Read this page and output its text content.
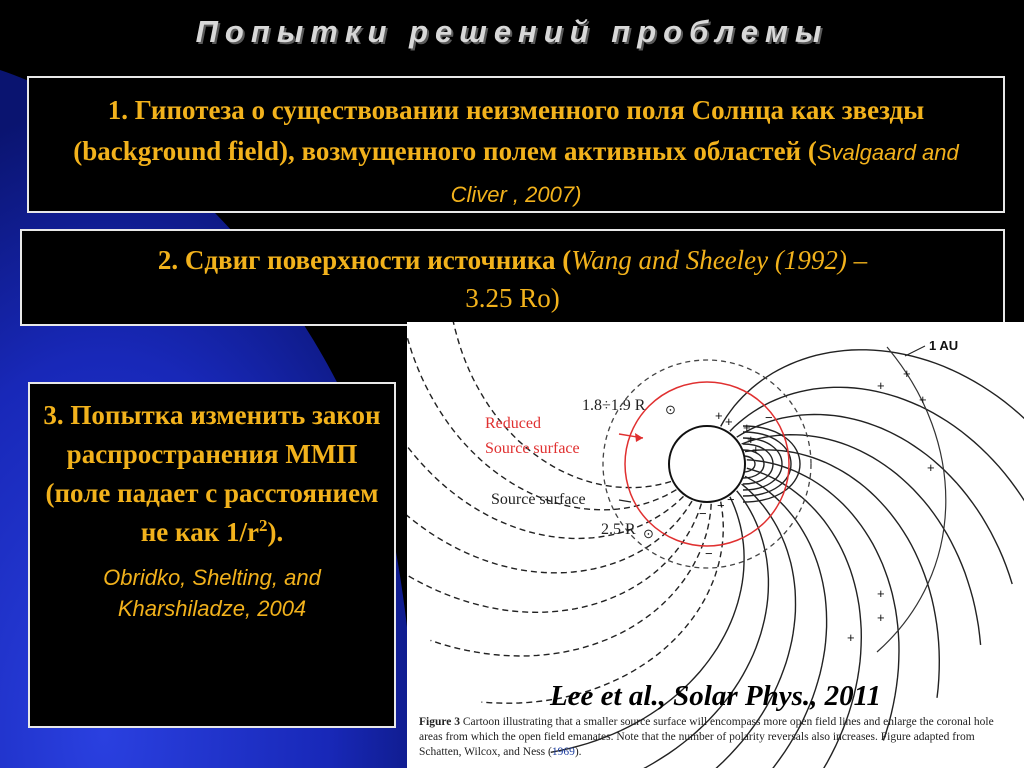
Попытки решений проблемы
1. Гипотеза о существовании неизменного поля Солнца как звезды (background field), возмущенного полем активных областей (Svalgaard and Cliver , 2007)
2. Сдвиг поверхности источника (Wang and Sheeley (1992) –
3.25 Ro)
3. Попытка изменить закон распространения ММП (поле падает с расстоянием не как $1/r^2$).
Obridko, Shelting, and Kharshiladze, 2004
+ + +
+
+
+
+
+
+
+
+
+
−
−
−
−
−
1 AU
1.8÷1.9 R ⊙
Reduced
Source surface
Source surface
2.5 R ⊙
Lee et al., Solar Phys., 2011
Figure 3 Cartoon illustrating that a smaller source surface will encompass more open field lines and enlarge the coronal hole areas from which the open field emanates. Note that the number of polarity reversals also increases. Figure adapted from Schatten, Wilcox, and Ness (1969).
